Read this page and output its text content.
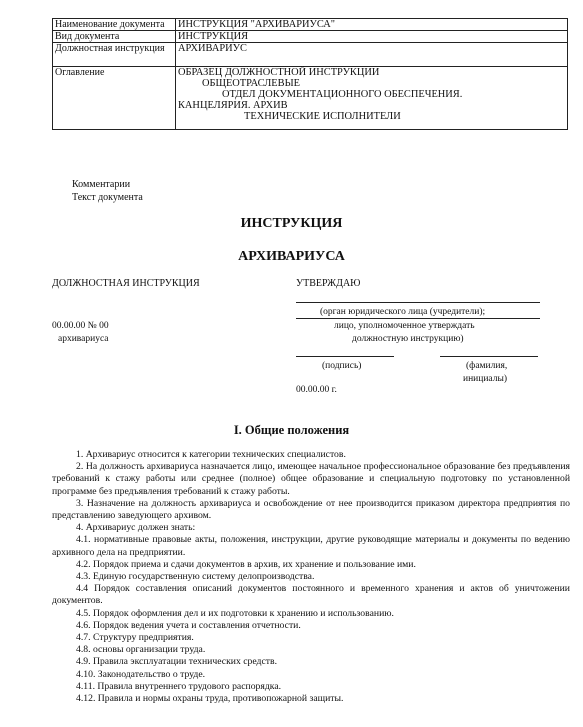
Наименование документа	ИНСТРУКЦИЯ "АРХИВАРИУСА"
Вид документа	ИНСТРУКЦИЯ
Должностная инструкция	АРХИВАРИУС
Оглавление	ОБРАЗЕЦ ДОЛЖНОСТНОЙ ИНСТРУКЦИИ
ОБЩЕОТРАСЛЕВЫЕ
ОТДЕЛ ДОКУМЕНТАЦИОННОГО ОБЕСПЕЧЕНИЯ.
КАНЦЕЛЯРИЯ. АРХИВ
ТЕХНИЧЕСКИЕ ИСПОЛНИТЕЛИ
Комментарии
Текст документа
ИНСТРУКЦИЯ
АРХИВАРИУСА
ДОЛЖНОСТНАЯ ИНСТРУКЦИЯ	УТВЕРЖДАЮ
(орган юридического лица (учредители);
лицо, уполномоченное утверждать
должностную инструкцию)
00.00.00 № 00
архивариуса
(подпись)	(фамилия,
инициалы)
00.00.00 г.
I. Общие положения

1. Архивариус относится к категории технических специалистов.

2. На должность архивариуса назначается лицо, имеющее начальное профессиональное образование без предъявления требований к стажу работы или среднее (полное) общее образование и специальную подготовку по установленной программе без предъявления требований к стажу работы.

3. Назначение на должность архивариуса и освобождение от нее производится приказом директора предприятия по представлению заведующего архивом.

4. Архивариус должен знать:

4.1. нормативные правовые акты, положения, инструкции, другие руководящие материалы и документы по ведению архивного дела на предприятии.

4.2. Порядок приема и сдачи документов в архив, их хранение и пользование ими.

4.3. Единую государственную систему делопроизводства.

4.4 Порядок составления описаний документов постоянного и временного хранения и актов об уничтожении документов.

4.5. Порядок оформления дел и их подготовки к хранению и использованию.

4.6. Порядок ведения учета и составления отчетности.

4.7. Структуру предприятия.

4.8. основы организации труда.

4.9. Правила эксплуатации технических средств.

4.10. Законодательство о труде.

4.11. Правила внутреннего трудового распорядка.

4.12. Правила и нормы охраны труда, противопожарной защиты.
